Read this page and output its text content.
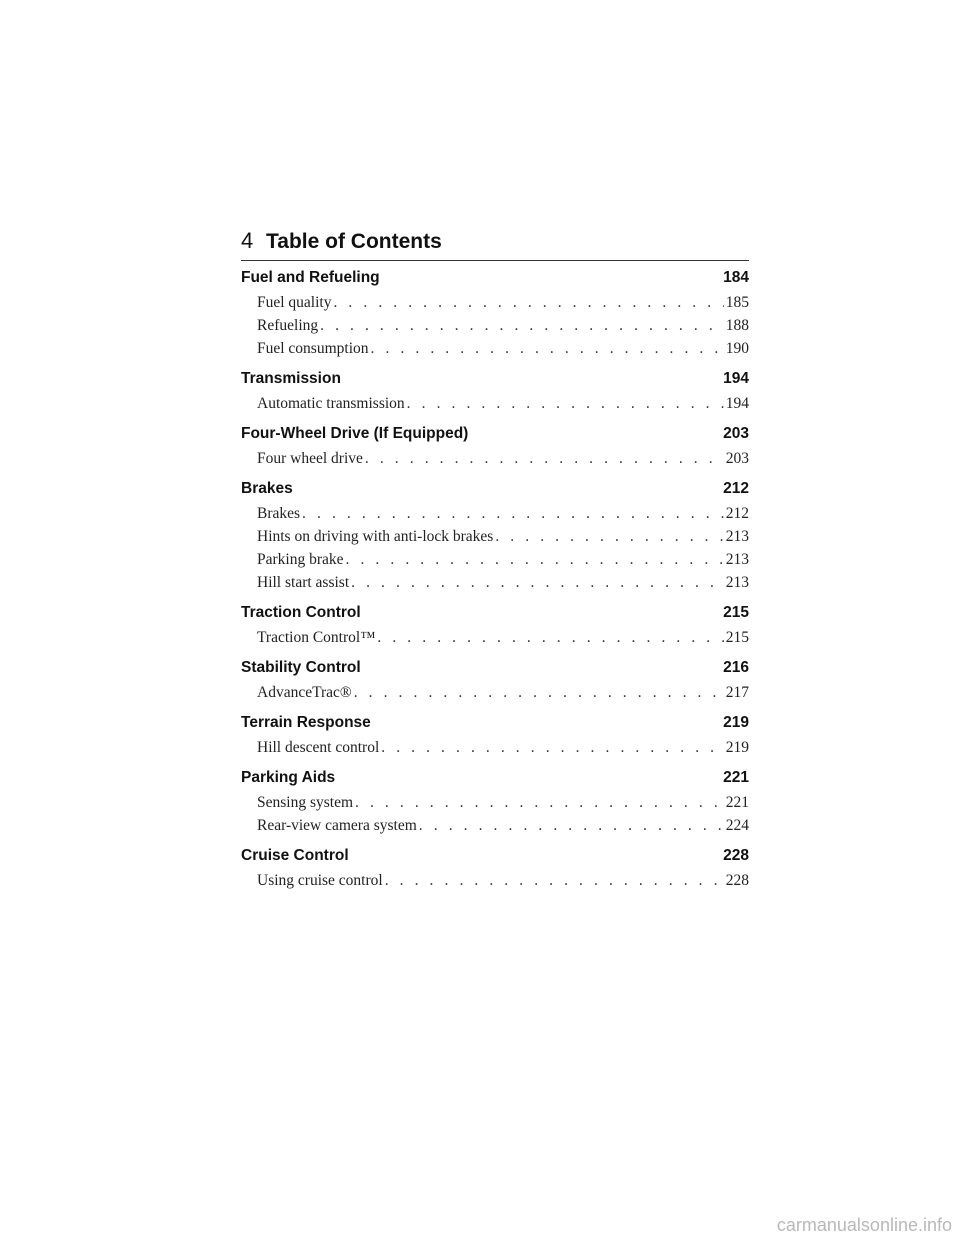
4 Table of Contents
Fuel and Refueling	184
Fuel quality . . .	185
Refueling . . .	188
Fuel consumption . . .	190
Transmission	194
Automatic transmission . . .	194
Four-Wheel Drive (If Equipped)	203
Four wheel drive . . .	203
Brakes	212
Brakes . . .	212
Hints on driving with anti-lock brakes . . .	213
Parking brake . . .	213
Hill start assist . . .	213
Traction Control	215
Traction Control™ . . .	215
Stability Control	216
AdvanceTrac® . . .	217
Terrain Response	219
Hill descent control . . .	219
Parking Aids	221
Sensing system . . .	221
Rear-view camera system . . .	224
Cruise Control	228
Using cruise control . . .	228
carmanualsonline.info
